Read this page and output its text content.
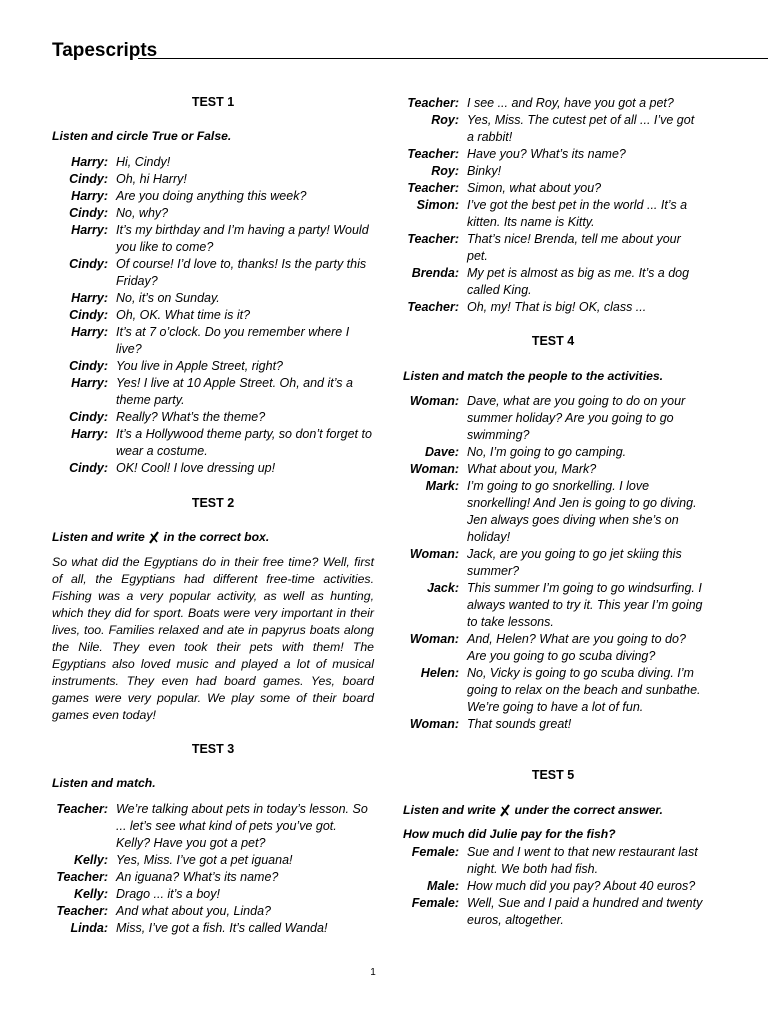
Tapescripts
TEST 1
Listen and circle True or False.
Harry: Hi, Cindy!
Cindy: Oh, hi Harry!
Harry: Are you doing anything this week?
Cindy: No, why?
Harry: It’s my birthday and I’m having a party! Would you like to come?
Cindy: Of course! I’d love to, thanks! Is the party this Friday?
Harry: No, it’s on Sunday.
Cindy: Oh, OK. What time is it?
Harry: It’s at 7 o’clock. Do you remember where I live?
Cindy: You live in Apple Street, right?
Harry: Yes! I live at 10 Apple Street. Oh, and it’s a theme party.
Cindy: Really? What’s the theme?
Harry: It’s a Hollywood theme party, so don’t forget to wear a costume.
Cindy: OK! Cool! I love dressing up!
TEST 2
Listen and write  in the correct box.

So what did the Egyptians do in their free time? Well, first of all, the Egyptians had different free-time activities. Fishing was a very popular activity, as well as hunting, which they did for sport. Boats were very important in their lives, too. Families relaxed and ate in papyrus boats along the Nile. They even took their pets with them! The Egyptians also loved music and played a lot of musical instruments. They even had board games. Yes, board games were very popular. We play some of their board games even today!

TEST 3
Listen and match.
Teacher: We’re talking about pets in today’s lesson. So ... let’s see what kind of pets you’ve got. Kelly? Have you got a pet?
Kelly: Yes, Miss. I’ve got a pet iguana!
Teacher: An iguana? What’s its name?
Kelly: Drago ... it’s a boy!
Teacher: And what about you, Linda?
Linda: Miss, I’ve got a fish. It’s called Wanda!
Teacher: I see ... and Roy, have you got a pet?
Roy: Yes, Miss. The cutest pet of all ... I’ve got a rabbit!
Teacher: Have you? What’s its name?
Roy: Binky!
Teacher: Simon, what about you?
Simon: I’ve got the best pet in the world ... It’s a kitten. Its name is Kitty.
Teacher: That’s nice! Brenda, tell me about your pet.
Brenda: My pet is almost as big as me. It’s a dog called King.
Teacher: Oh, my! That is big! OK, class ...
TEST 4
Listen and match the people to the activities.
Woman: Dave, what are you going to do on your summer holiday? Are you going to go swimming?
Dave: No, I’m going to go camping.
Woman: What about you, Mark?
Mark: I’m going to go snorkelling. I love snorkelling! And Jen is going to go diving. Jen always goes diving when she’s on holiday!
Woman: Jack, are you going to go jet skiing this summer?
Jack: This summer I’m going to go windsurfing. I always wanted to try it. This year I’m going to take lessons.
Woman: And, Helen? What are you going to do? Are you going to go scuba diving?
Helen: No, Vicky is going to go scuba diving. I’m going to relax on the beach and sunbathe. We’re going to have a lot of fun.
Woman: That sounds great!
TEST 5
Listen and write  under the correct answer.
How much did Julie pay for the fish?
Female: Sue and I went to that new restaurant last night. We both had fish.
Male: How much did you pay? About 40 euros?
Female: Well, Sue and I paid a hundred and twenty euros, altogether.
1
